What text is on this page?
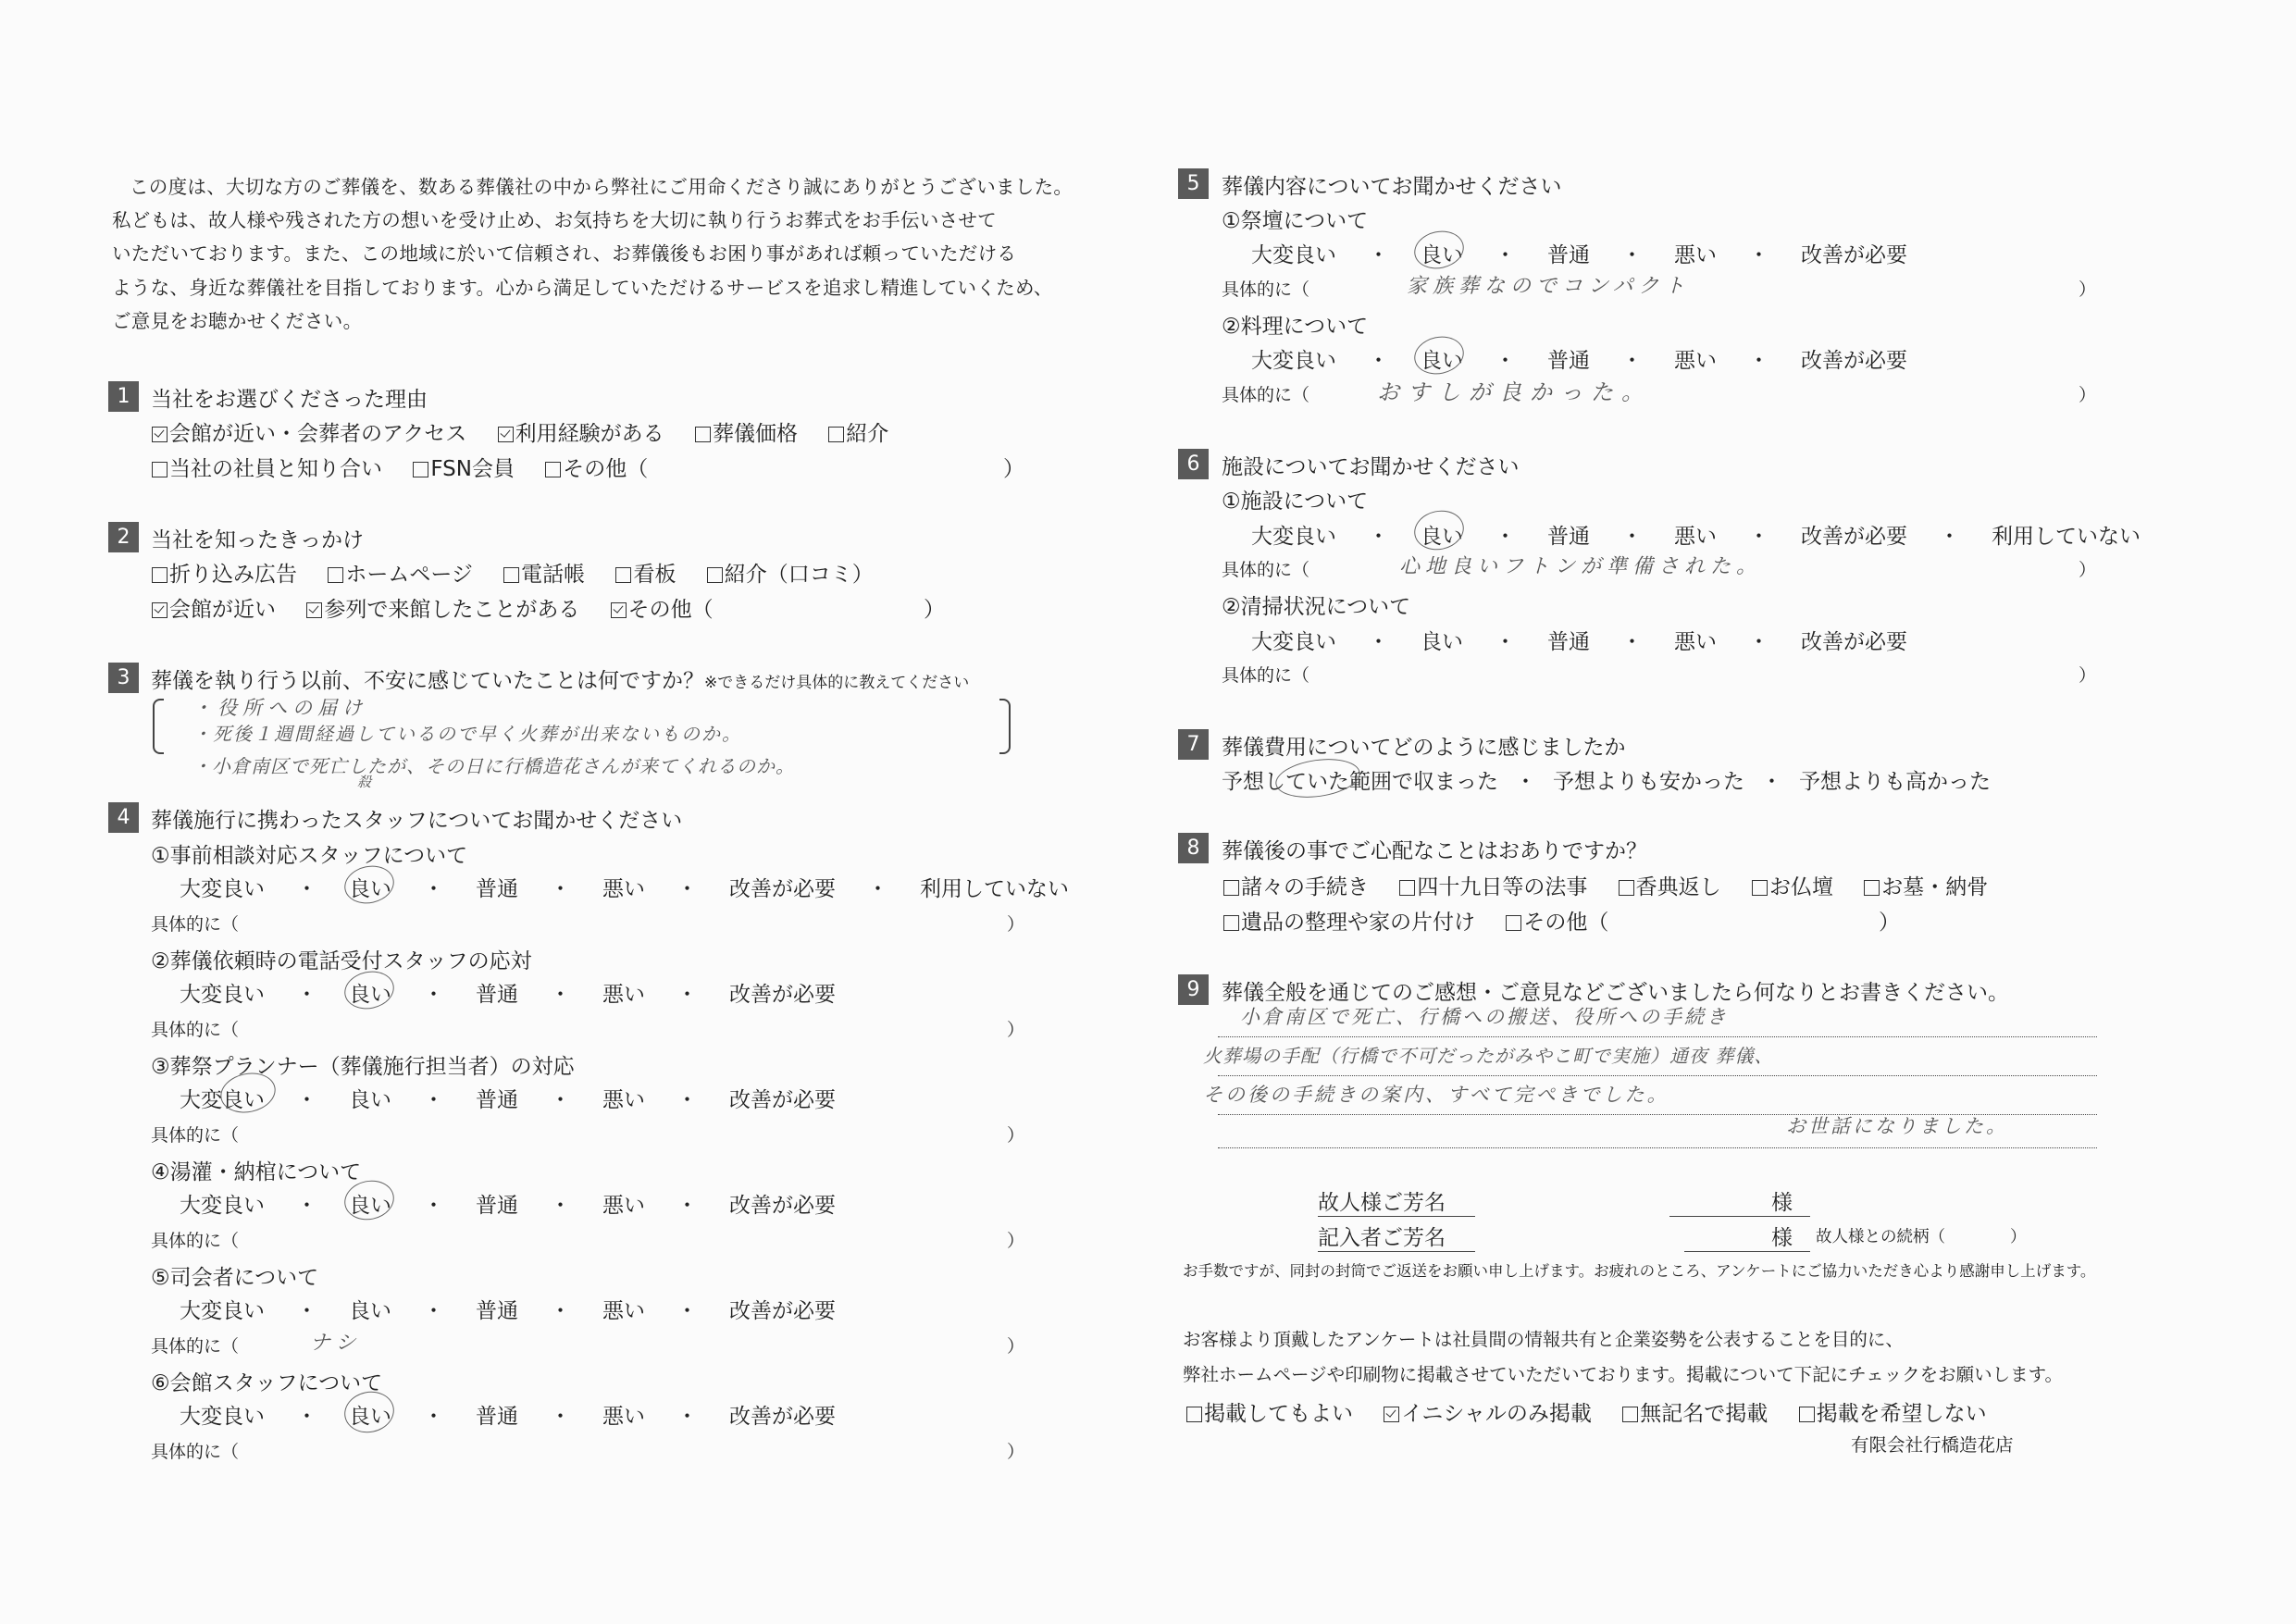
この度は、大切な方のご葬儀を、数ある葬儀社の中から弊社にご用命くださり誠にありがとうございました。
私どもは、故人様や残された方の想いを受け止め、お気持ちを大切に執り行うお葬式をお手伝いさせて
いただいております。また、この地域に於いて信頼され、お葬儀後もお困り事があれば頼っていただける
ような、身近な葬儀社を目指しております。心から満足していただけるサービスを追求し精進していくため、
ご意見をお聴かせください。
1 当社をお選びくださった理由
会館が近い・会葬者のアクセス 利用経験がある 葬儀価格 紹介
当社の社員と知り合い FSN会員 その他（	）
2 当社を知ったきっかけ
折り込み広告 ホームページ 電話帳 看板 紹介（口コミ）
会館が近い 参列で来館したことがある その他（	）
3 葬儀を執り行う以前、不安に感じていたことは何ですか？※できるだけ具体的に教えてください
・役所への届け
・死後１週間経過しているので早く火葬が出来ないものか。
・小倉南区で死亡したが、その日に行橋造花さんが来てくれるのか。
殺
4 葬儀施行に携わったスタッフについてお聞かせください
①事前相談対応スタッフについて
大変良い ・ 良い ・ 普通 ・ 悪い ・ 改善が必要 ・ 利用していない
具体的に（	）
②葬儀依頼時の電話受付スタッフの応対
大変良い ・ 良い ・ 普通 ・ 悪い ・ 改善が必要
具体的に（	）
③葬祭プランナー（葬儀施行担当者）の対応
大変良い ・ 良い ・ 普通 ・ 悪い ・ 改善が必要
具体的に（	）
④湯灌・納棺について
大変良い ・ 良い ・ 普通 ・ 悪い ・ 改善が必要
具体的に（	）
⑤司会者について
大変良い ・ 良い ・ 普通 ・ 悪い ・ 改善が必要
具体的に（	ナシ	）
⑥会館スタッフについて
大変良い ・ 良い ・ 普通 ・ 悪い ・ 改善が必要
具体的に（	）
5	葬儀内容についてお聞かせください
①祭壇について
大変良い ・ 良い ・ 普通 ・ 悪い ・ 改善が必要
具体的に（	家族葬なのでコンパクト	）
②料理について
大変良い ・ 良い ・ 普通 ・ 悪い ・ 改善が必要
具体的に（	おすしが良かった。	）
6	施設についてお聞かせください
①施設について
大変良い ・ 良い ・ 普通 ・ 悪い ・ 改善が必要 ・ 利用していない
具体的に（	心地良いフトンが準備された。	）
②清掃状況について
大変良い ・ 良い ・ 普通 ・ 悪い ・ 改善が必要
具体的に（	）
7	葬儀費用についてどのように感じましたか
予想していた範囲で収まった ・ 予想よりも安かった ・ 予想よりも高かった
8	葬儀後の事でご心配なことはおありですか？
諸々の手続き 四十九日等の法事 香典返し お仏壇 お墓・納骨
遺品の整理や家の片付け その他（	）
9	葬儀全般を通じてのご感想・ご意見などございましたら何なりとお書きください。
小倉南区で死亡、行橋への搬送、役所への手続き
火葬場の手配（行橋で不可だったがみやこ町で実施）通夜 葬儀、
その後の手続きの案内、すべて完ぺきでした。
お世話になりました。
故人様ご芳名	様
記入者ご芳名	様 故人様との続柄（	）
お手数ですが、同封の封筒でご返送をお願い申し上げます。お疲れのところ、アンケートにご協力いただき心より感謝申し上げます。
お客様より頂戴したアンケートは社員間の情報共有と企業姿勢を公表することを目的に、
弊社ホームページや印刷物に掲載させていただいております。掲載について下記にチェックをお願いします。
掲載してもよい イニシャルのみ掲載 無記名で掲載 掲載を希望しない
有限会社行橋造花店
